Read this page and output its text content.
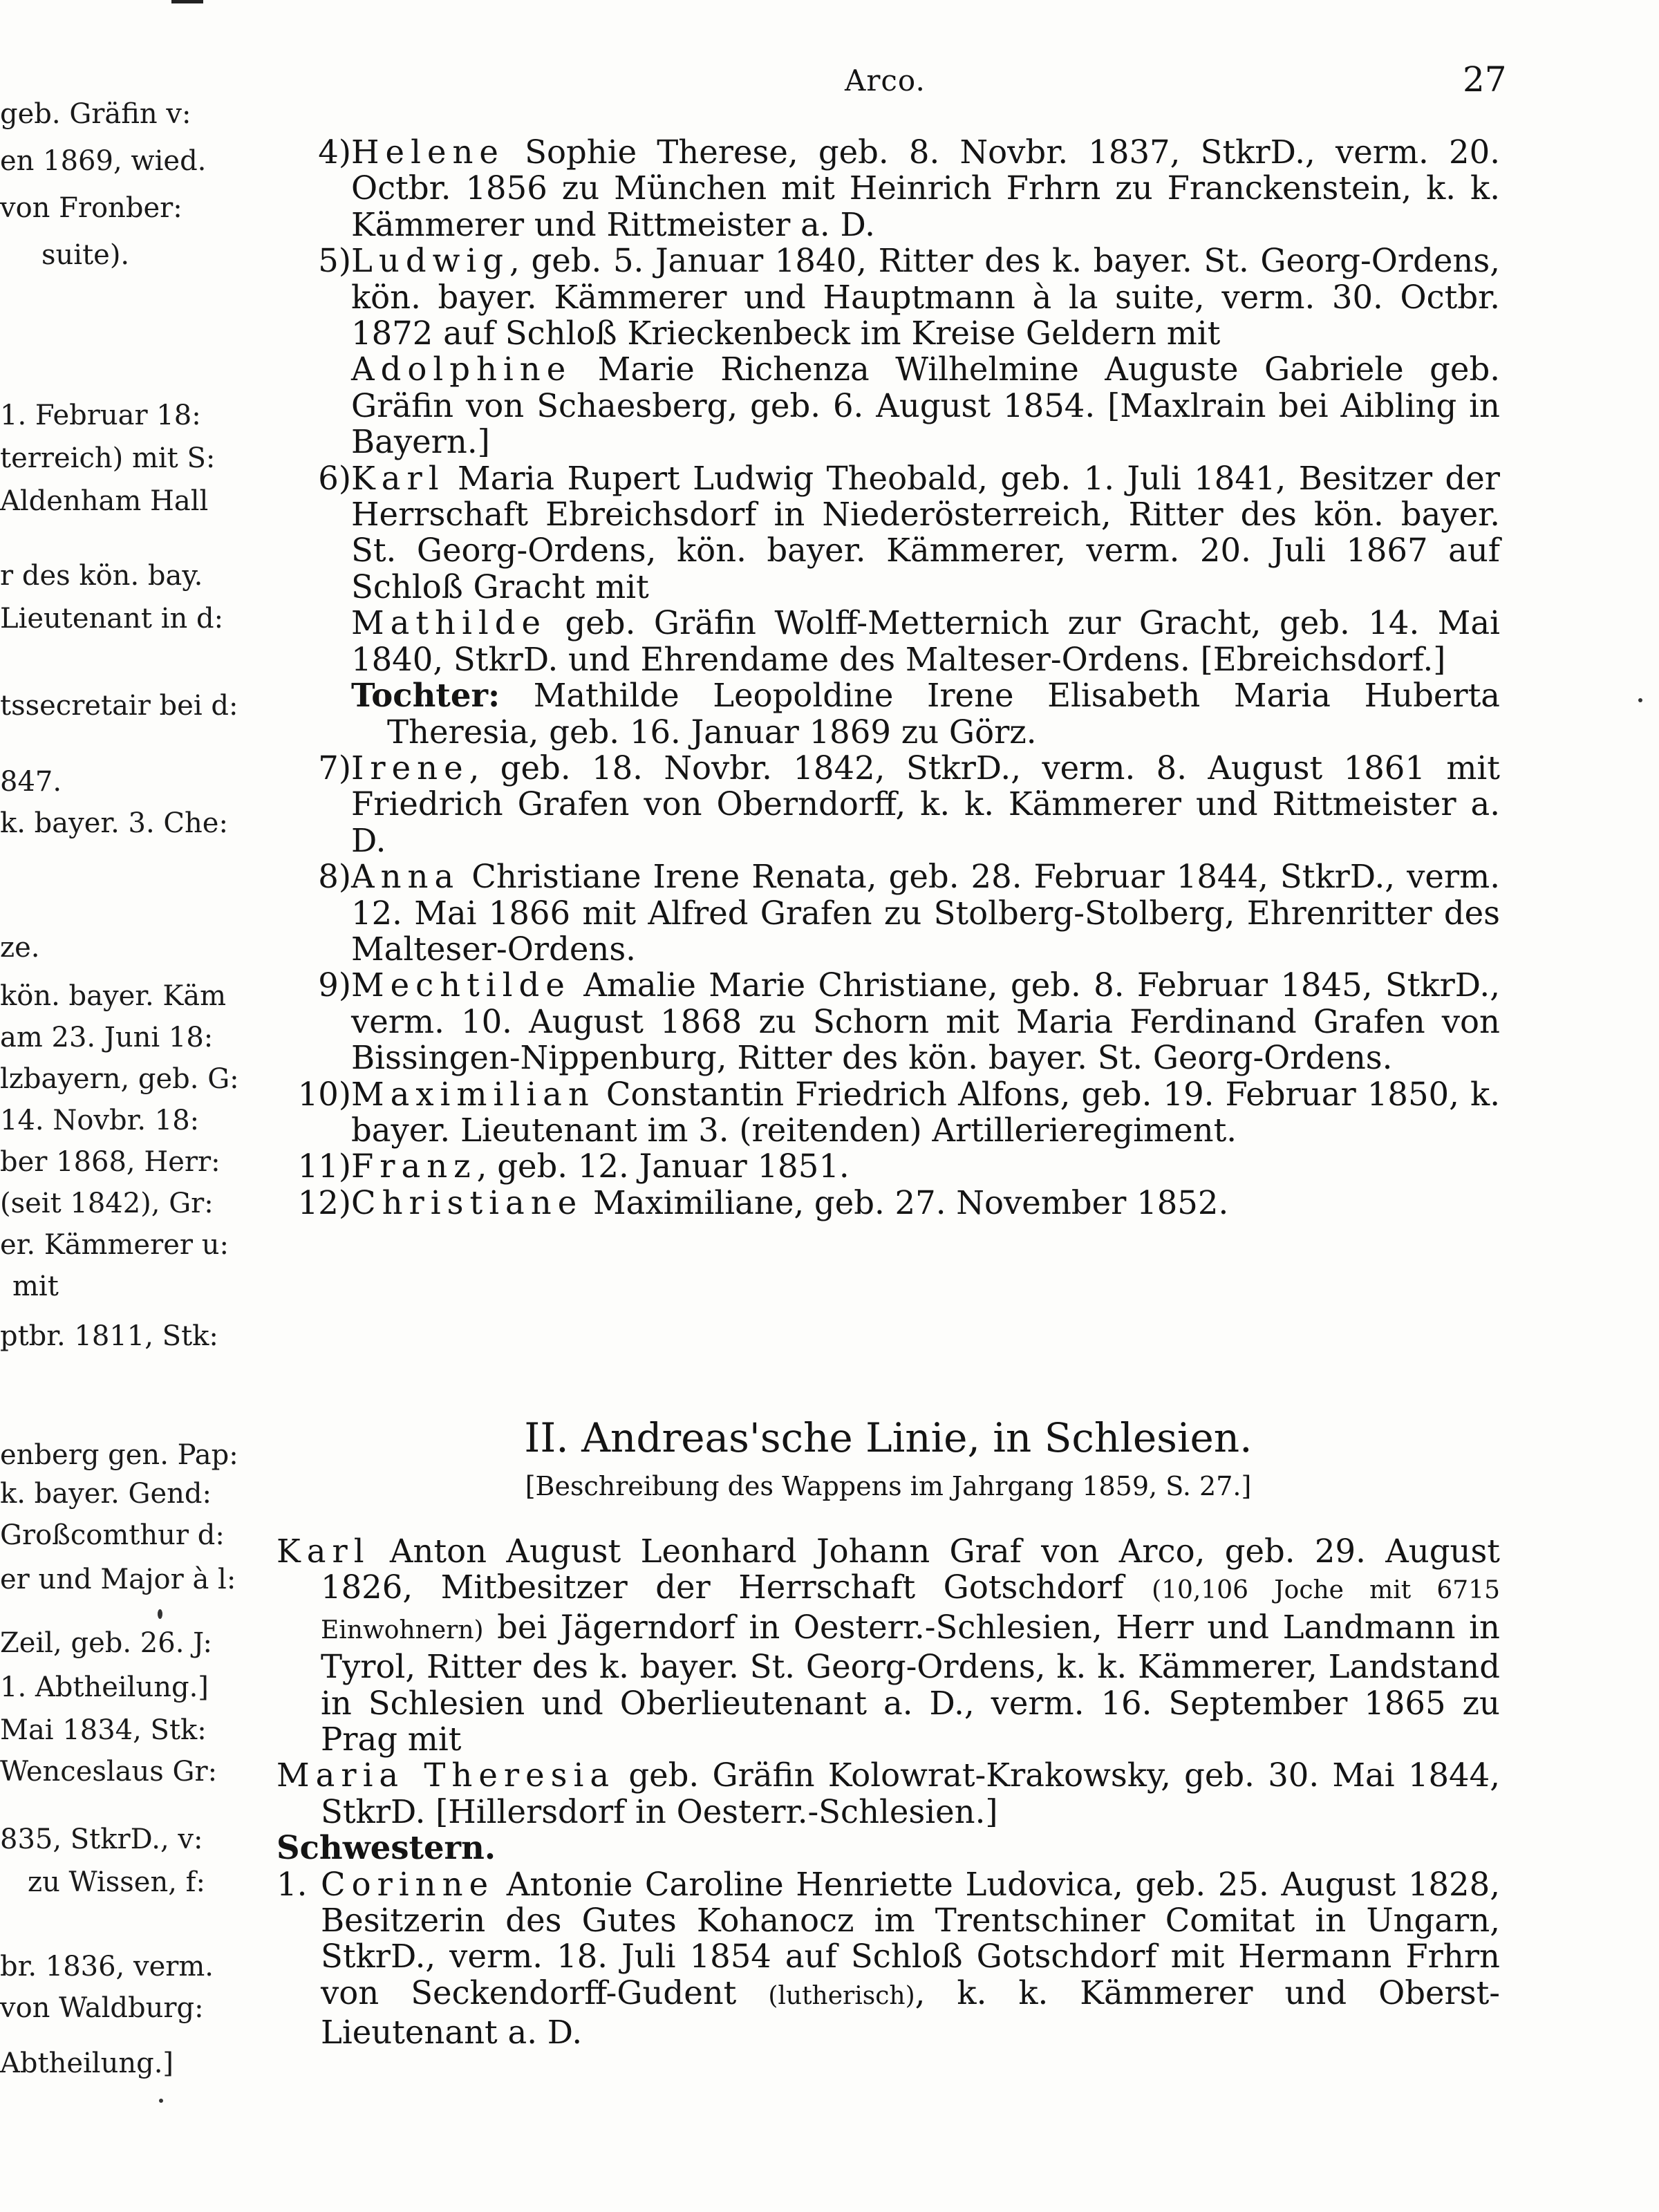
geb. Gräfin v:
en 1869, wied.
von Fronber:
suite).
1. Februar 18:
terreich) mit S:
Aldenham Hall
r des kön. bay.
Lieutenant in d:
tssecretair bei d:
847.
k. bayer. 3. Che:
ze.
kön. bayer. Käm
am 23. Juni 18:
lzbayern, geb. G:
14. Novbr. 18:
ber 1868, Herr:
(seit 1842), Gr:
er. Kämmerer u:
mit
ptbr. 1811, Stk:
enberg gen. Pap:
k. bayer. Gend:
Großcomthur d:
er und Major à l:
Zeil, geb. 26. J:
1. Abtheilung.]
Mai 1834, Stk:
Wenceslaus Gr:
835, StkrD., v:
zu Wissen, f:
br. 1836, verm.
von Waldburg:
Abtheilung.]
Arco.	27

4)Helene Sophie Therese, geb. 8. Novbr. 1837, StkrD., verm. 20. Octbr. 1856 zu München mit Heinrich Frhrn zu Franckenstein, k. k. Kämmerer und Rittmeister a. D.

5)Ludwig, geb. 5. Januar 1840, Ritter des k. bayer. St. Georg-Ordens, kön. bayer. Kämmerer und Hauptmann à la suite, verm. 30. Octbr. 1872 auf Schloß Krieckenbeck im Kreise Geldern mit

Adolphine Marie Richenza Wilhelmine Auguste Gabriele geb. Gräfin von Schaesberg, geb. 6. August 1854. [Maxlrain bei Aibling in Bayern.]

6)Karl Maria Rupert Ludwig Theobald, geb. 1. Juli 1841, Besitzer der Herrschaft Ebreichsdorf in Niederösterreich, Ritter des kön. bayer. St. Georg-Ordens, kön. bayer. Kämmerer, verm. 20. Juli 1867 auf Schloß Gracht mit

Mathilde geb. Gräfin Wolff-Metternich zur Gracht, geb. 14. Mai 1840, StkrD. und Ehrendame des Malteser-Ordens. [Ebreichsdorf.]

Tochter: Mathilde Leopoldine Irene Elisabeth Maria Huberta Theresia, geb. 16. Januar 1869 zu Görz.

7)Irene, geb. 18. Novbr. 1842, StkrD., verm. 8. August 1861 mit Friedrich Grafen von Oberndorff, k. k. Kämmerer und Rittmeister a. D.

8)Anna Christiane Irene Renata, geb. 28. Februar 1844, StkrD., verm. 12. Mai 1866 mit Alfred Grafen zu Stolberg-Stolberg, Ehrenritter des Malteser-Ordens.

9)Mechtilde Amalie Marie Christiane, geb. 8. Februar 1845, StkrD., verm. 10. August 1868 zu Schorn mit Maria Ferdinand Grafen von Bissingen-Nippenburg, Ritter des kön. bayer. St. Georg-Ordens.

10)Maximilian Constantin Friedrich Alfons, geb. 19. Februar 1850, k. bayer. Lieutenant im 3. (reitenden) Artillerieregiment.

11)Franz, geb. 12. Januar 1851.

12)Christiane Maximiliane, geb. 27. November 1852.

II. Andreas'sche Linie, in Schlesien.

[Beschreibung des Wappens im Jahrgang 1859, S. 27.]

Karl Anton August Leonhard Johann Graf von Arco, geb. 29. August 1826, Mitbesitzer der Herrschaft Gotschdorf (10,106 Joche mit 6715 Einwohnern) bei Jägerndorf in Oesterr.-Schlesien, Herr und Landmann in Tyrol, Ritter des k. bayer. St. Georg-Ordens, k. k. Kämmerer, Landstand in Schlesien und Oberlieutenant a. D., verm. 16. September 1865 zu Prag mit

Maria Theresia geb. Gräfin Kolowrat-Krakowsky, geb. 30. Mai 1844, StkrD. [Hillersdorf in Oesterr.-Schlesien.]

Schwestern.

1. Corinne Antonie Caroline Henriette Ludovica, geb. 25. August 1828, Besitzerin des Gutes Kohanocz im Trentschiner Comitat in Ungarn, StkrD., verm. 18. Juli 1854 auf Schloß Gotschdorf mit Hermann Frhrn von Seckendorff-Gudent (lutherisch), k. k. Kämmerer und Oberst-Lieutenant a. D.
